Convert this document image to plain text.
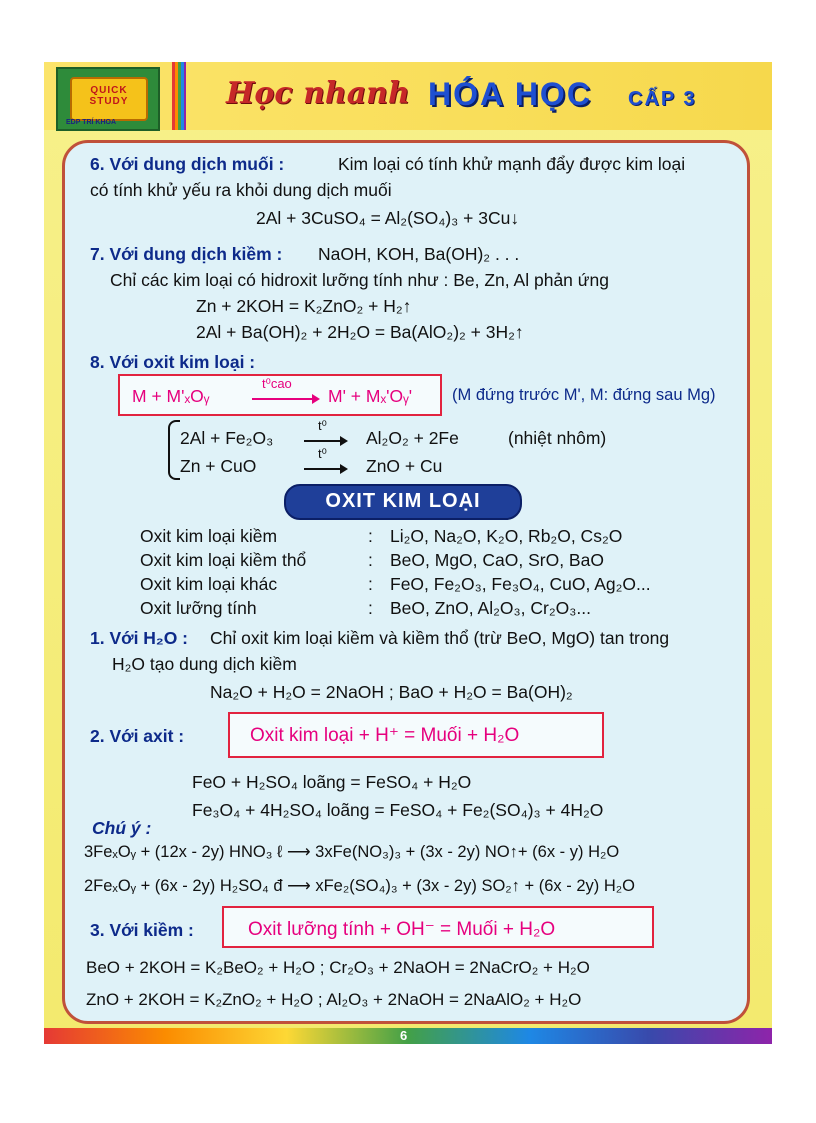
QUICK
STUDY
EDP TRÍ KHOA
Học nhanh HÓA HỌC CẤP 3
6. Với dung dịch muối :	Kim loại có tính khử mạnh đẩy được kim loại
có tính khử yếu ra khỏi dung dịch muối
2Al + 3CuSO₄ = Al₂(SO₄)₃ + 3Cu↓
7. Với dung dịch kiềm : NaOH, KOH, Ba(OH)₂ . . .
Chỉ các kim loại có hidroxit lưỡng tính như : Be, Zn, Al phản ứng
Zn + 2KOH = K₂ZnO₂ + H₂↑
2Al + Ba(OH)₂ + 2H₂O = Ba(AlO₂)₂ + 3H₂↑
8. Với oxit kim loại :
M + M'ₓOᵧ
t⁰cao
M' + Mₓ'Oᵧ' (M đứng trước M', M: đứng sau Mg)
2Al + Fe₂O₃
t⁰
→ Al₂O₂ + 2Fe	(nhiệt nhôm)
Zn + CuO
t⁰
→ ZnO + Cu
OXIT KIM LOẠI
Oxit kim loại kiềm	: Li₂O, Na₂O, K₂O, Rb₂O, Cs₂O
Oxit kim loại kiềm thổ	: BeO, MgO, CaO, SrO, BaO
Oxit kim loại khác	: FeO, Fe₂O₃, Fe₃O₄, CuO, Ag₂O...
Oxit lưỡng tính	: BeO, ZnO, Al₂O₃, Cr₂O₃...
1. Với H₂O : Chỉ oxit kim loại kiềm và kiềm thổ (trừ BeO, MgO) tan trong
H₂O tạo dung dịch kiềm
Na₂O + H₂O = 2NaOH ; BaO + H₂O = Ba(OH)₂
2. Với axit :	Oxit kim loại + H⁺ = Muối + H₂O
FeO + H₂SO₄ loãng = FeSO₄ + H₂O
Fe₃O₄ + 4H₂SO₄ loãng = FeSO₄ + Fe₂(SO₄)₃ + 4H₂O
Chú ý :
3FeₓOᵧ + (12x - 2y) HNO₃ ℓ ⟶ 3xFe(NO₃)₃ + (3x - 2y) NO↑+ (6x - y) H₂O
2FeₓOᵧ + (6x - 2y) H₂SO₄ đ ⟶ xFe₂(SO₄)₃ + (3x - 2y) SO₂↑ + (6x - 2y) H₂O
3. Với kiềm :	Oxit lưỡng tính + OH⁻ = Muối + H₂O
BeO + 2KOH = K₂BeO₂ + H₂O ; Cr₂O₃ + 2NaOH = 2NaCrO₂ + H₂O
ZnO + 2KOH = K₂ZnO₂ + H₂O ; Al₂O₃ + 2NaOH = 2NaAlO₂ + H₂O
6
